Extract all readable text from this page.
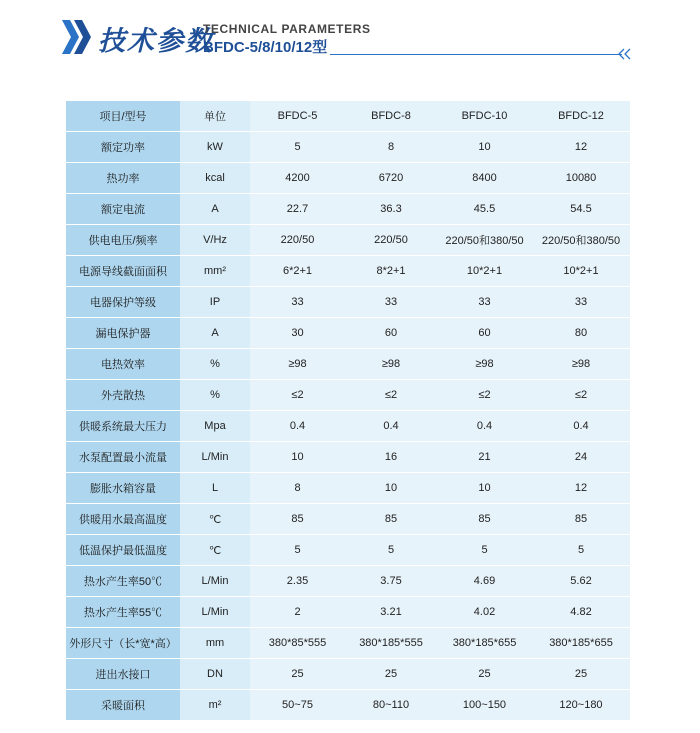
技术参数
TECHNICAL PARAMETERS
BFDC-5/8/10/12型
项目/型号	单位	BFDC-5	BFDC-8	BFDC-10	BFDC-12
额定功率	kW	5	8	10	12
热功率	kcal	4200	6720	8400	10080
额定电流	A	22.7	36.3	45.5	54.5
供电电压/频率	V/Hz	220/50	220/50	220/50和380/50	220/50和380/50
电源导线截面面积	mm²	6*2+1	8*2+1	10*2+1	10*2+1
电器保护等级	IP	33	33	33	33
漏电保护器	A	30	60	60	80
电热效率	%	≥98	≥98	≥98	≥98
外壳散热	%	≤2	≤2	≤2	≤2
供暖系统最大压力	Mpa	0.4	0.4	0.4	0.4
水泵配置最小流量	L/Min	10	16	21	24
膨胀水箱容量	L	8	10	10	12
供暖用水最高温度	℃	85	85	85	85
低温保护最低温度	℃	5	5	5	5
热水产生率50℃	L/Min	2.35	3.75	4.69	5.62
热水产生率55℃	L/Min	2	3.21	4.02	4.82
外形尺寸（长*宽*高）	mm	380*85*555	380*185*555	380*185*655	380*185*655
进出水接口	DN	25	25	25	25
采暖面积	m²	50~75	80~110	100~150	120~180
